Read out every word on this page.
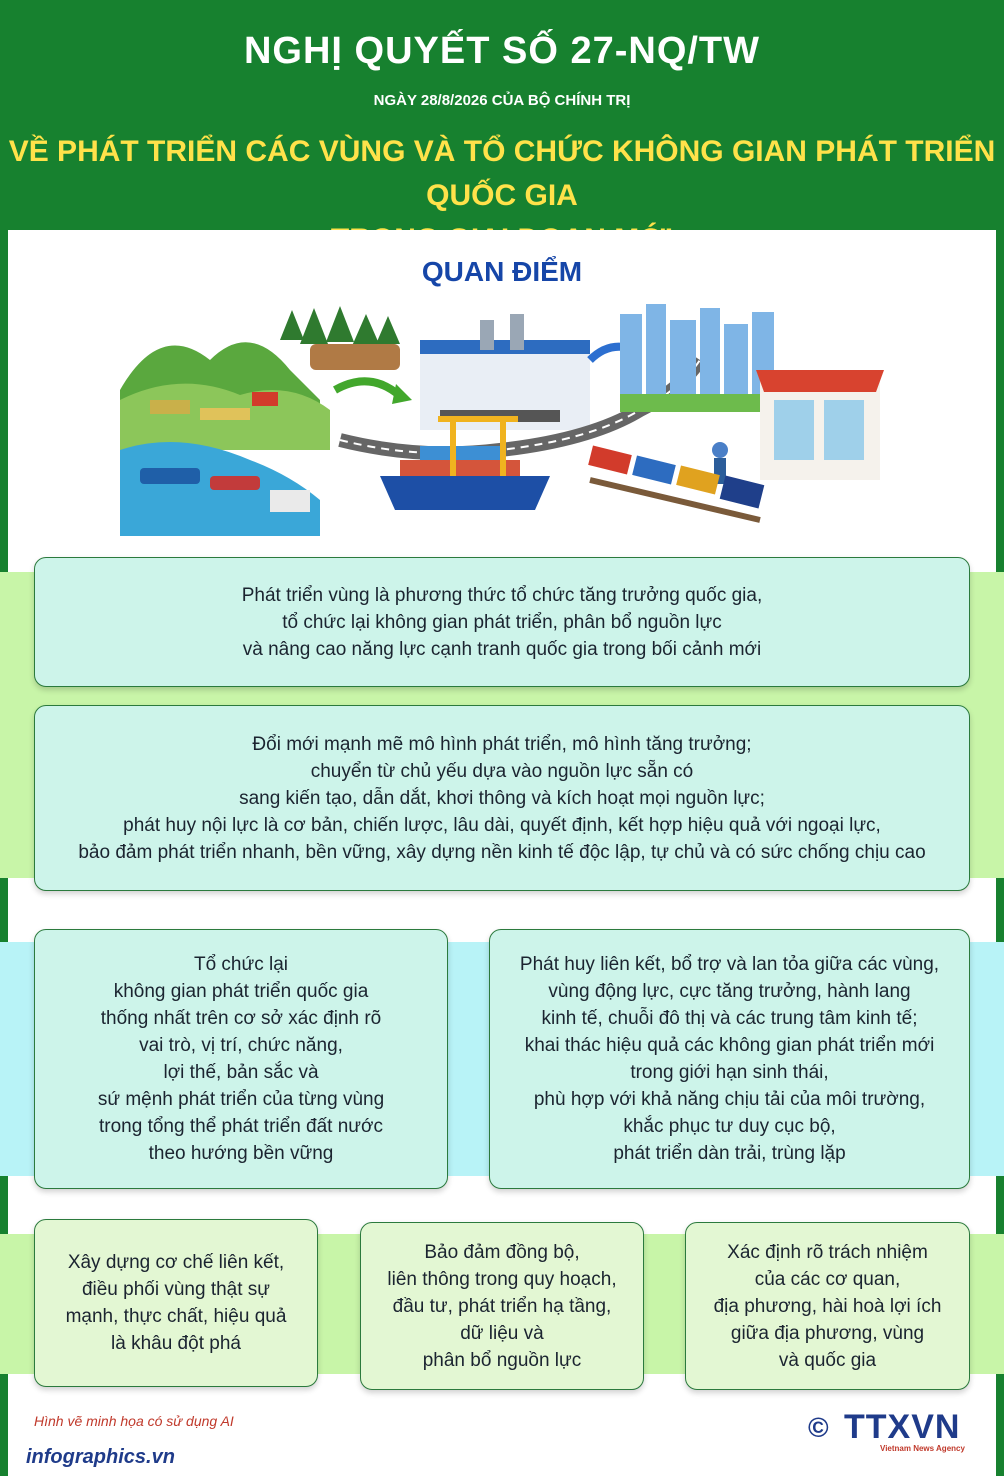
NGHỊ QUYẾT SỐ 27-NQ/TW
NGÀY 28/8/2026 CỦA BỘ CHÍNH TRỊ
VỀ PHÁT TRIỂN CÁC VÙNG VÀ TỔ CHỨC KHÔNG GIAN PHÁT TRIỂN QUỐC GIA
QUAN ĐIỂM
Phát triển vùng là phương thức tổ chức tăng trưởng quốc gia,
tổ chức lại không gian phát triển, phân bổ nguồn lực
và nâng cao năng lực cạnh tranh quốc gia trong bối cảnh mới
Đổi mới mạnh mẽ mô hình phát triển, mô hình tăng trưởng;
chuyển từ chủ yếu dựa vào nguồn lực sẵn có
sang kiến tạo, dẫn dắt, khơi thông và kích hoạt mọi nguồn lực;
phát huy nội lực là cơ bản, chiến lược, lâu dài, quyết định, kết hợp hiệu quả với ngoại lực,
bảo đảm phát triển nhanh, bền vững, xây dựng nền kinh tế độc lập, tự chủ và có sức chống chịu cao
Tổ chức lại
không gian phát triển quốc gia
thống nhất trên cơ sở xác định rõ
vai trò, vị trí, chức năng,
lợi thế, bản sắc và
sứ mệnh phát triển của từng vùng
trong tổng thể phát triển đất nước
theo hướng bền vững
Phát huy liên kết, bổ trợ và lan tỏa giữa các vùng,
vùng động lực, cực tăng trưởng, hành lang
kinh tế, chuỗi đô thị và các trung tâm kinh tế;
khai thác hiệu quả các không gian phát triển mới
trong giới hạn sinh thái,
phù hợp với khả năng chịu tải của môi trường,
khắc phục tư duy cục bộ,
phát triển dàn trải, trùng lặp
Xây dựng cơ chế liên kết,
điều phối vùng thật sự
mạnh, thực chất, hiệu quả
là khâu đột phá
Bảo đảm đồng bộ,
liên thông trong quy hoạch,
đầu tư, phát triển hạ tầng,
dữ liệu và
phân bổ nguồn lực
Xác định rõ trách nhiệm
của các cơ quan,
địa phương, hài hoà lợi ích
giữa địa phương, vùng
và quốc gia
Hình vẽ minh họa có sử dụng AI
infographics.vn
© TTXVN
Vietnam News Agency
